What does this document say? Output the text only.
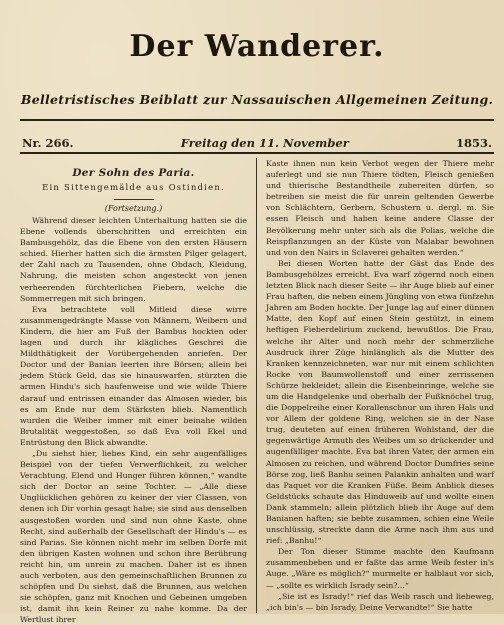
Der Wanderer.
Belletristisches Beiblatt zur Nassauischen Allgemeinen Zeitung.
Nr. 266.	Freitag den 11. November	1853.
Der Sohn des Paria.
Ein Sittengemälde aus Ostindien.
(Fortsetzung.)

Während dieser leichten Unterhaltung hatten sie die Ebene vollends überschritten und erreichten ein Bambusgehölz, das die Ebene von den ersten Häusern schied. Hierher hatten sich die ärmsten Pilger gelagert, der Zahl nach zu Tausenden, ohne Obdach, Kleidung, Nahrung, die meisten schon angesteckt von jenen verheerenden fürchterlichen Fiebern, welche die Sommerregen mit sich bringen.

Eva betrachtete voll Mitleid diese wirre zusammengedrängte Masse von Männern, Weibern und Kindern, die hier am Fuß der Bambus hockten oder lagen und durch ihr klägliches Geschrei die Mildthätigkeit der Vorübergehenden anriefen. Der Doctor und der Banian leerten ihre Börsen; allein bei jedem Stück Geld, das sie hinauswarfen, stürzten die armen Hindu's sich haufenweise und wie wilde Thiere darauf und entrissen einander das Almosen wieder, bis es am Ende nur dem Stärksten blieb. Namentlich wurden die Weiber immer mit einer beinahe wilden Brutalität weggestoßen, so daß Eva voll Ekel und Entrüstung den Blick abwandte.

„Du siehst hier, liebes Kind, ein sehr augenfälliges Beispiel von der tiefen Verwerflichkeit, zu welcher Verachtung, Elend und Hunger führen können,“ wandte sich der Doctor an seine Tochter. — „Alle diese Unglücklichen gehören zu keiner der vier Classen, von denen ich Dir vorhin gesagt habe; sie sind aus denselben ausgestoßen worden und sind nun ohne Kaste, ohne Recht, sind außerhalb der Gesellschaft der Hindu's — es sind Parias. Sie können nicht mehr im selben Dorfe mit den übrigen Kasten wohnen und schon ihre Berührung reicht hin, um unrein zu machen. Daher ist es ihnen auch verboten, aus den gemeinschaftlichen Brunnen zu schöpfen und Du siehst, daß die Brunnen, aus welchen sie schöpfen, ganz mit Knochen und Gebeinen umgeben ist, damit ihn kein Reiner zu nahe komme. Da der Wertlust ihrer

Kaste ihnen nun kein Verbot wegen der Thiere mehr auferlegt und sie nun Thiere tödten, Fleisch genießen und thierische Bestandtheile zubereiten dürfen, so betreiben sie meist die für unrein geltenden Gewerbe von Schlächtern, Gerbern, Schustern u. dergl. m. Sie essen Fleisch und haben keine andere Classe der Bevölkerung mehr unter sich als die Polias, welche die Reispflanzungen an der Küste von Malabar bewohnen und von den Nairs in Sclaverei gehalten werden.“

Bei diesen Worten hatte der Gäst das Ende des Bambusgehölzes erreicht. Eva warf zögernd noch einen letzten Blick nach dieser Seite — ihr Auge blieb auf einer Frau haften, die neben einem Jüngling von etwa fünfzehn Jahren am Boden hockte. Der Junge lag auf einer dünnen Matte, den Kopf auf einen Stein gestützt, in einem heftigen Fieberdelirium zuckend, bewußtlos. Die Frau, welche ihr Alter und noch mehr der schmerzliche Ausdruck ihrer Züge hinlänglich als die Mutter des Kranken kennzeichneten, war nur mit einem schlichten Rocke von Baumwollenstoff und einer zerrissenen Schürze bekleidet; allein die Eisenbeinringe, welche sie um die Handgelenke und oberhalb der Fußknöchel trug, die Doppelreihe einer Korallenschnur um ihren Hals und vor Allem der goldene Ring, welchen sie in der Nase trug, deuteten auf einen früheren Wohlstand, der die gegenwärtige Armuth des Weibes um so drückender und augenfälliger machte. Eva bat ihren Vater, der armen ein Almosen zu reichen, und während Doctor Dumfries seine Börse zog, ließ Banhu seinen Palankin anhalten und warf das Paquet vor die Kranken Füße. Beim Anblick dieses Geldstücks schaute das Hinduweib auf und wollte einen Dank stammeln; allein plötzlich blieb ihr Auge auf dem Banianen haften; sie bebte zusammen, schien eine Weile unschlüssig, streckte dann die Arme nach ihm aus und rief: „Banhu!“

Der Ton dieser Stimme machte den Kaufmann zusammenbeben und er faßte das arme Weib fester in's Auge. „Wäre es möglich?“ murmelte er halblaut vor sich, — „sollte es wirklich Isrady sein?...“

„Sie ist es Isrady!“ rief das Weib rasch und liebeweg, „ich bin's — bin Isrady, Deine Verwandte!“ Sie hatte
